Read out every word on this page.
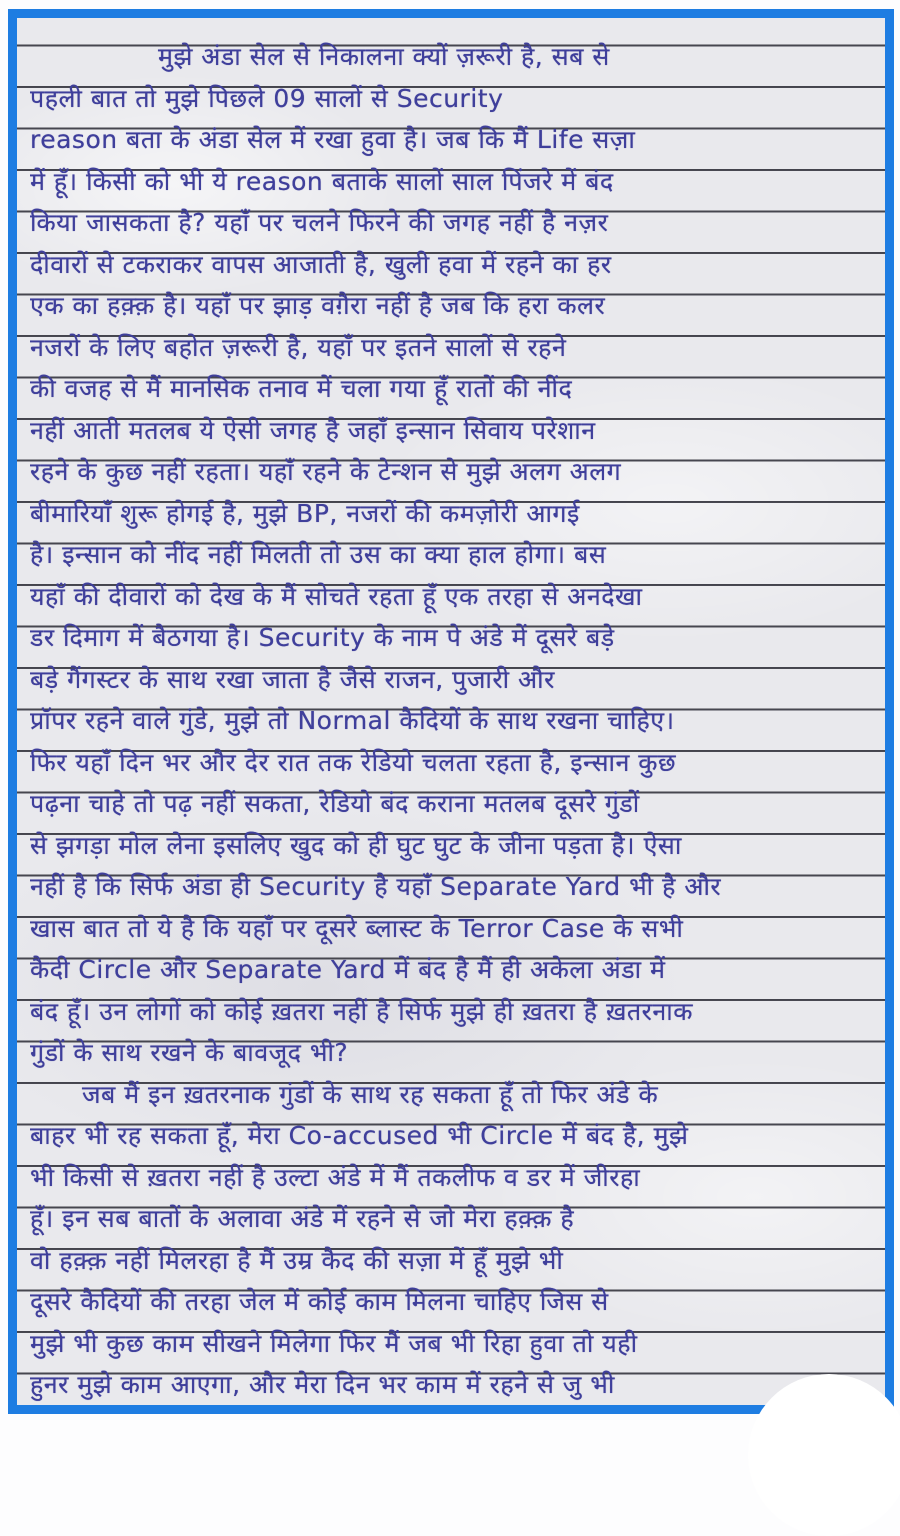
मुझे अंडा सेल से निकालना क्यों ज़रूरी है, सब से
पहली बात तो मुझे पिछले 09 सालों से Security
reason बता के अंडा सेल में रखा हुवा है। जब कि मैं Life सज़ा
में हूँ। किसी को भी ये reason बताके सालों साल पिंजरे में बंद
किया जासकता है? यहाँ पर चलने फिरने की जगह नहीं है नज़र
दीवारों से टकराकर वापस आजाती है, खुली हवा में रहने का हर
एक का हक़्क़ है। यहाँ पर झाड़ वग़ैरा नहीं है जब कि हरा कलर
नजरों के लिए बहोत ज़रूरी है, यहाँ पर इतने सालों से रहने
की वजह से मैं मानसिक तनाव में चला गया हूँ रातों की नींद
नहीं आती मतलब ये ऐसी जगह है जहाँ इन्सान सिवाय परेशान
रहने के कुछ नहीं रहता। यहाँ रहने के टेन्शन से मुझे अलग अलग
बीमारियाँ शुरू होगई है, मुझे BP, नजरों की कमज़ोरी आगई
है। इन्सान को नींद नहीं मिलती तो उस का क्या हाल होगा। बस
यहाँ की दीवारों को देख के मैं सोचते रहता हूँ एक तरहा से अनदेखा
डर दिमाग में बैठगया है। Security के नाम पे अंडे में दूसरे बड़े
बड़े गैंगस्टर के साथ रखा जाता है जैसे राजन, पुजारी और
प्रॉपर रहने वाले गुंडे, मुझे तो Normal कैदियों के साथ रखना चाहिए।
फिर यहाँ दिन भर और देर रात तक रेडियो चलता रहता है, इन्सान कुछ
पढ़ना चाहे तो पढ़ नहीं सकता, रेडियो बंद कराना मतलब दूसरे गुंडों
से झगड़ा मोल लेना इसलिए खुद को ही घुट घुट के जीना पड़ता है। ऐसा
नहीं है कि सिर्फ अंडा ही Security है यहाँ Separate Yard भी है और
खास बात तो ये है कि यहाँ पर दूसरे ब्लास्ट के Terror Case के सभी
कैदी Circle और Separate Yard में बंद है मैं ही अकेला अंडा में
बंद हूँ। उन लोगों को कोई ख़तरा नहीं है सिर्फ मुझे ही ख़तरा है ख़तरनाक
गुंडों के साथ रखने के बावजूद भी?
जब मैं इन ख़तरनाक गुंडों के साथ रह सकता हूँ तो फिर अंडे के
बाहर भी रह सकता हूँ, मेरा Co-accused भी Circle में बंद है, मुझे
भी किसी से ख़तरा नहीं है उल्टा अंडे में मैं तकलीफ व डर में जीरहा
हूँ। इन सब बातों के अलावा अंडे में रहने से जो मेरा हक़्क़ है
वो हक़्क़ नहीं मिलरहा है मैं उम्र कैद की सज़ा में हूँ मुझे भी
दूसरे कैदियों की तरहा जेल में कोई काम मिलना चाहिए जिस से
मुझे भी कुछ काम सीखने मिलेगा फिर मैं जब भी रिहा हुवा तो यही
हुनर मुझे काम आएगा, और मेरा दिन भर काम में रहने से जु भी
